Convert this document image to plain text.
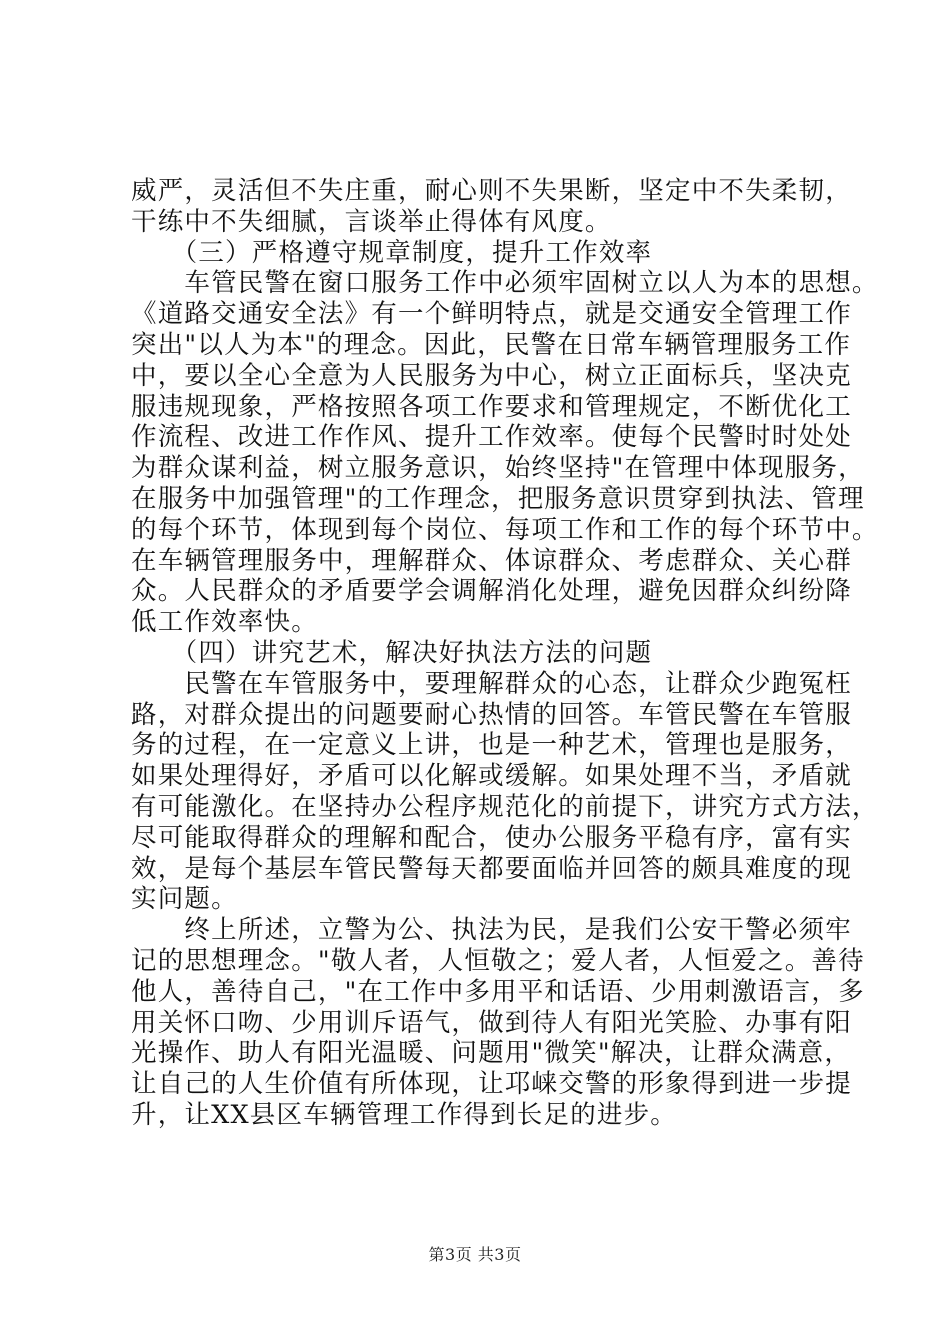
威严，灵活但不失庄重，耐心则不失果断，坚定中不失柔韧，
干练中不失细腻，言谈举止得体有风度。
　　（三）严格遵守规章制度，提升工作效率
　　车管民警在窗口服务工作中必须牢固树立以人为本的思想。
《道路交通安全法》有一个鲜明特点，就是交通安全管理工作
突出"以人为本"的理念。因此，民警在日常车辆管理服务工作
中，要以全心全意为人民服务为中心，树立正面标兵，坚决克
服违规现象，严格按照各项工作要求和管理规定，不断优化工
作流程、改进工作作风、提升工作效率。使每个民警时时处处
为群众谋利益，树立服务意识，始终坚持"在管理中体现服务，
在服务中加强管理"的工作理念，把服务意识贯穿到执法、管理
的每个环节，体现到每个岗位、每项工作和工作的每个环节中。
在车辆管理服务中，理解群众、体谅群众、考虑群众、关心群
众。人民群众的矛盾要学会调解消化处理，避免因群众纠纷降
低工作效率快。
　　（四）讲究艺术，解决好执法方法的问题
　　民警在车管服务中，要理解群众的心态，让群众少跑冤枉
路，对群众提出的问题要耐心热情的回答。车管民警在车管服
务的过程，在一定意义上讲，也是一种艺术，管理也是服务，
如果处理得好，矛盾可以化解或缓解。如果处理不当，矛盾就
有可能激化。在坚持办公程序规范化的前提下，讲究方式方法，
尽可能取得群众的理解和配合，使办公服务平稳有序，富有实
效，是每个基层车管民警每天都要面临并回答的颇具难度的现
实问题。
　　终上所述，立警为公、执法为民，是我们公安干警必须牢
记的思想理念。"敬人者，人恒敬之；爱人者，人恒爱之。善待
他人，善待自己，"在工作中多用平和话语、少用刺激语言，多
用关怀口吻、少用训斥语气，做到待人有阳光笑脸、办事有阳
光操作、助人有阳光温暖、问题用"微笑"解决，让群众满意，
让自己的人生价值有所体现，让邛崃交警的形象得到进一步提
升，让XX县区车辆管理工作得到长足的进步。
第3页 共3页
